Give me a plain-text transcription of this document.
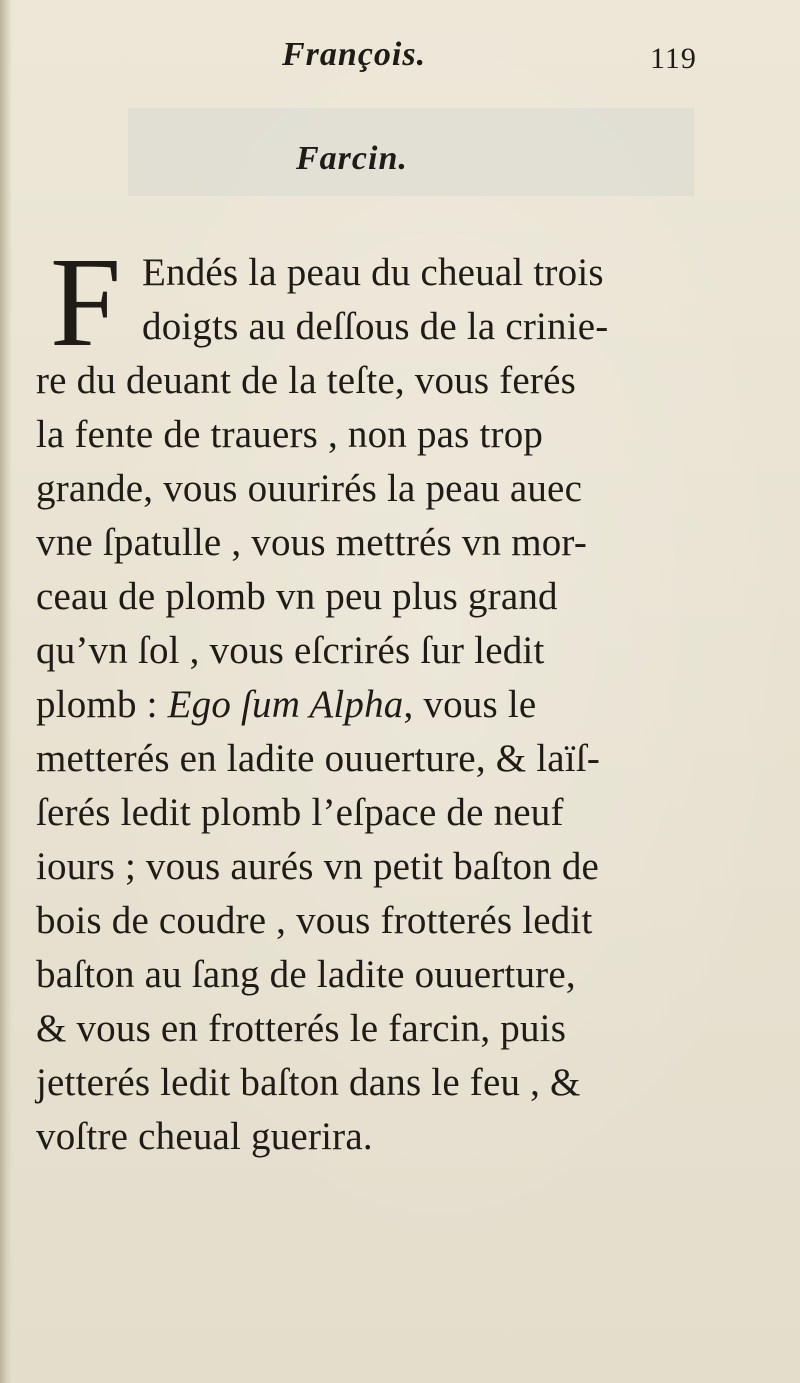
François.	119
Farcin.
F Endés la peau du cheual trois
doigts au deſſous de la crinie-
re du deuant de la teſte, vous ferés
la fente de trauers , non pas trop
grande, vous ouurirés la peau auec
vne ſpatulle , vous mettrés vn mor-
ceau de plomb vn peu plus grand
qu’vn ſol , vous eſcrirés ſur ledit
plomb : Ego ſum Alpha, vous le
metterés en ladite ouuerture, & laïſ-
ſerés ledit plomb l’eſpace de neuf
iours ; vous aurés vn petit baſton de
bois de coudre , vous frotterés ledit
baſton au ſang de ladite ouuerture,
& vous en frotterés le farcin, puis
jetterés ledit baſton dans le feu , &
voſtre cheual guerira.
